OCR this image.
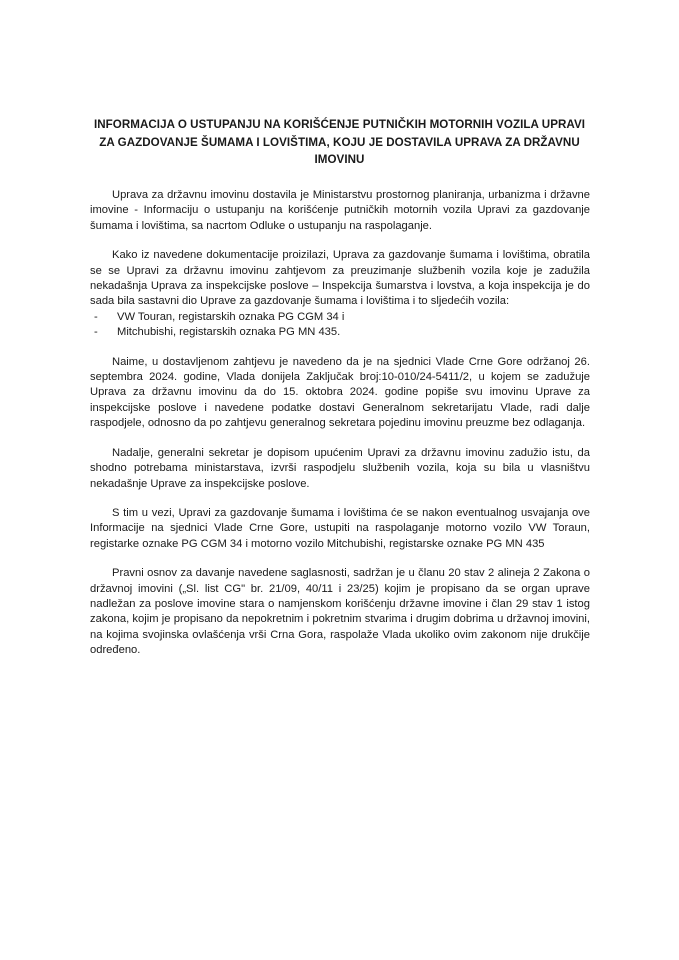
INFORMACIJA O USTUPANJU NA KORIŠĆENJE PUTNIČKIH MOTORNIH VOZILA UPRAVI
ZA GAZDOVANJE ŠUMAMA I LOVIŠTIMA, KOJU JE DOSTAVILA UPRAVA ZA DRŽAVNU
IMOVINU

Uprava za državnu imovinu dostavila je Ministarstvu prostornog planiranja, urbanizma i državne imovine - Informaciju o ustupanju na korišćenje putničkih motornih vozila Upravi za gazdovanje šumama i lovištima, sa nacrtom Odluke o ustupanju na raspolaganje.

Kako iz navedene dokumentacije proizilazi, Uprava za gazdovanje šumama i lovištima, obratila se se Upravi za državnu imovinu zahtjevom za preuzimanje službenih vozila koje je zadužila nekadašnja Uprava za inspekcijske poslove – Inspekcija šumarstva i lovstva, a koja inspekcija je do sada bila sastavni dio Uprave za gazdovanje šumama i lovištima i to sljedećih vozila:

- VW Touran, registarskih oznaka PG CGM 34 i
- Mitchubishi, registarskih oznaka PG MN 435.

Naime, u dostavljenom zahtjevu je navedeno da je na sjednici Vlade Crne Gore održanoj 26. septembra 2024. godine, Vlada donijela Zaključak broj:10-010/24-5411/2, u kojem se zadužuje Uprava za državnu imovinu da do 15. oktobra 2024. godine popiše svu imovinu Uprave za inspekcijske poslove i navedene podatke dostavi Generalnom sekretarijatu Vlade, radi dalje raspodjele, odnosno da po zahtjevu generalnog sekretara pojedinu imovinu preuzme bez odlaganja.

Nadalje, generalni sekretar je dopisom upućenim Upravi za državnu imovinu zadužio istu, da shodno potrebama ministarstava, izvrši raspodjelu službenih vozila, koja su bila u vlasništvu nekadašnje Uprave za inspekcijske poslove.

S tim u vezi, Upravi za gazdovanje šumama i lovištima će se nakon eventualnog usvajanja ove Informacije na sjednici Vlade Crne Gore, ustupiti na raspolaganje motorno vozilo VW Toraun, registarke oznake PG CGM 34 i motorno vozilo Mitchubishi, registarske oznake PG MN 435

Pravni osnov za davanje navedene saglasnosti, sadržan je u članu 20 stav 2 alineja 2 Zakona o državnoj imovini („Sl. list CG" br. 21/09, 40/11 i 23/25) kojim je propisano da se organ uprave nadležan za poslove imovine stara o namjenskom korišćenju državne imovine i član 29 stav 1 istog zakona, kojim je propisano da nepokretnim i pokretnim stvarima i drugim dobrima u državnoj imovini, na kojima svojinska ovlašćenja vrši Crna Gora, raspolaže Vlada ukoliko ovim zakonom nije drukčije određeno.
